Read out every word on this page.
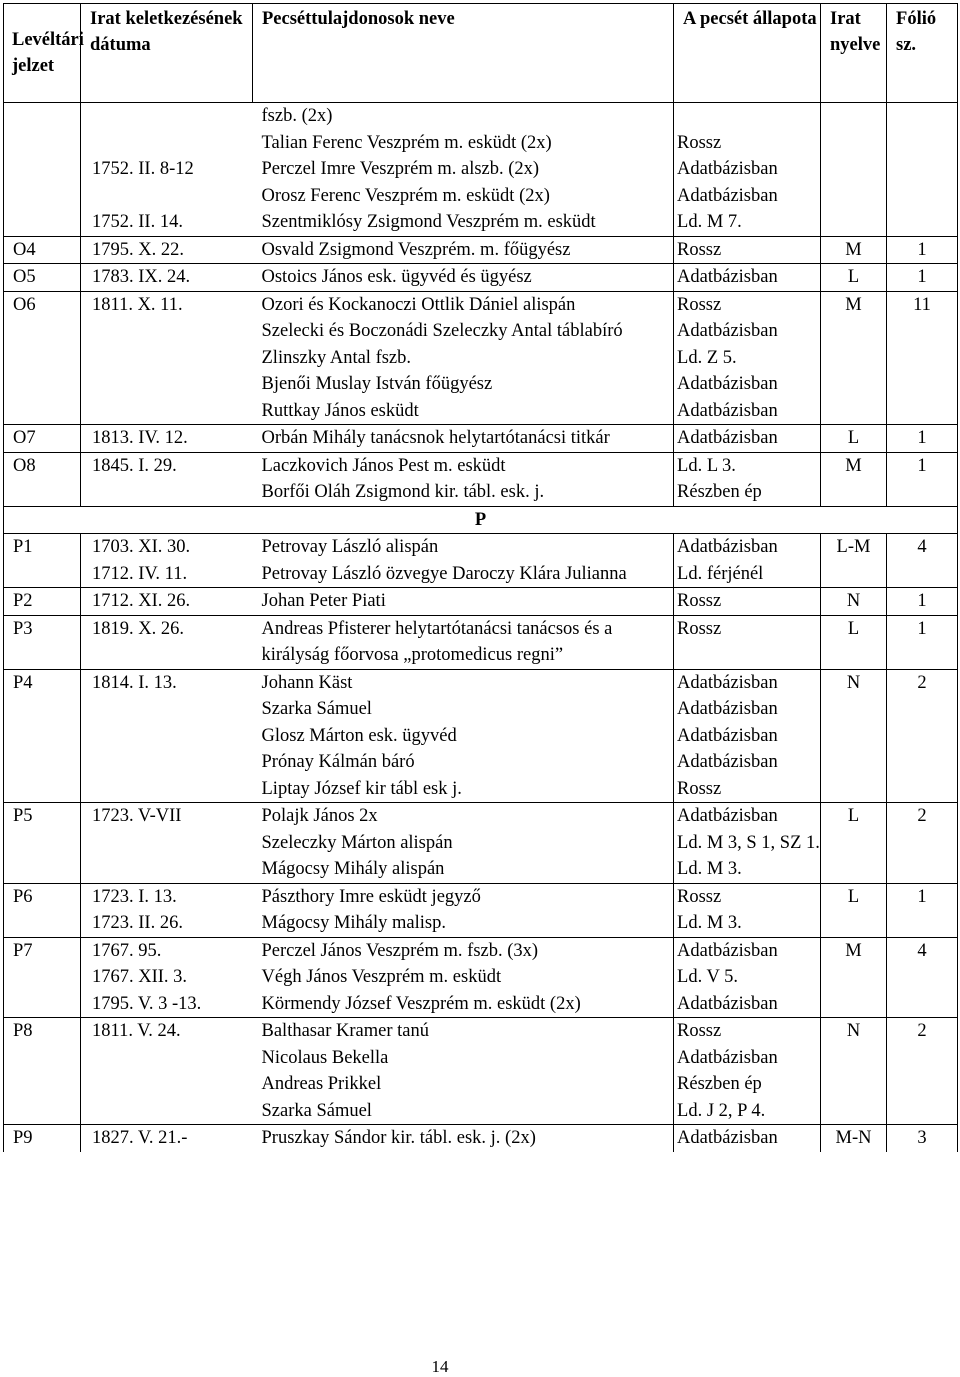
Levéltári jelzet	Irat keletkezésének dátuma	Pecséttulajdonosok neve	A pecsét állapota	Irat nyelve	Fólió sz.
		fszb. (2x)			
		Talian Ferenc Veszprém m. esküdt (2x)	Rossz		
	1752. II. 8-12	Perczel Imre Veszprém m. alszb. (2x)	Adatbázisban		
		Orosz Ferenc Veszprém m. esküdt (2x)	Adatbázisban		
	1752. II. 14.	Szentmiklósy Zsigmond Veszprém m. esküdt	Ld. M 7.		
O4	1795. X. 22.	Osvald Zsigmond Veszprém. m. főügyész	Rossz	M	1
O5	1783. IX. 24.	Ostoics János esk. ügyvéd és ügyész	Adatbázisban	L	1
O6	1811. X. 11.	Ozori és Kockanoczi Ottlik Dániel alispán	Rossz	M	11
		Szelecki és Boczonádi Szeleczky Antal táblabíró	Adatbázisban		
		Zlinszky Antal fszb.	Ld. Z 5.		
		Bjenői Muslay István főügyész	Adatbázisban		
		Ruttkay János esküdt	Adatbázisban		
O7	1813. IV. 12.	Orbán Mihály tanácsnok helytartótanácsi titkár	Adatbázisban	L	1
O8	1845. I. 29.	Laczkovich János Pest m. esküdt	Ld. L 3.	M	1
		Borfői Oláh Zsigmond kir. tábl. esk. j.	Részben ép		
P					
P1	1703. XI. 30.	Petrovay László alispán	Adatbázisban	L-M	4
	1712. IV. 11.	Petrovay László özvegye Daroczy Klára Julianna	Ld. férjénél		
P2	1712. XI. 26.	Johan Peter Piati	Rossz	N	1
P3	1819. X. 26.	Andreas Pfisterer helytartótanácsi tanácsos és a királyság főorvosa „protomedicus regni”	Rossz	L	1
P4	1814. I. 13.	Johann Käst	Adatbázisban	N	2
		Szarka Sámuel	Adatbázisban		
		Glosz Márton esk. ügyvéd	Adatbázisban		
		Prónay Kálmán báró	Adatbázisban		
		Liptay József kir tábl esk j.	Rossz		
P5	1723. V-VII	Polajk János 2x	Adatbázisban	L	2
		Szeleczky Márton alispán	Ld. M 3, S 1, SZ 1.		
		Mágocsy Mihály alispán	Ld. M 3.		
P6	1723. I. 13.	Pászthory Imre esküdt jegyző	Rossz	L	1
	1723. II. 26.	Mágocsy Mihály malisp.	Ld. M 3.		
P7	1767. 95.	Perczel János Veszprém m. fszb. (3x)	Adatbázisban	M	4
	1767. XII. 3.	Végh János Veszprém m. esküdt	Ld. V 5.		
	1795. V. 3 -13.	Körmendy József Veszprém m. esküdt (2x)	Adatbázisban		
P8	1811. V. 24.	Balthasar Kramer tanú	Rossz	N	2
		Nicolaus Bekella	Adatbázisban		
		Andreas Prikkel	Részben ép		
		Szarka Sámuel	Ld. J 2, P 4.		
P9	1827. V. 21.-	Pruszkay Sándor kir. tábl. esk. j. (2x)	Adatbázisban	M-N	3
14
